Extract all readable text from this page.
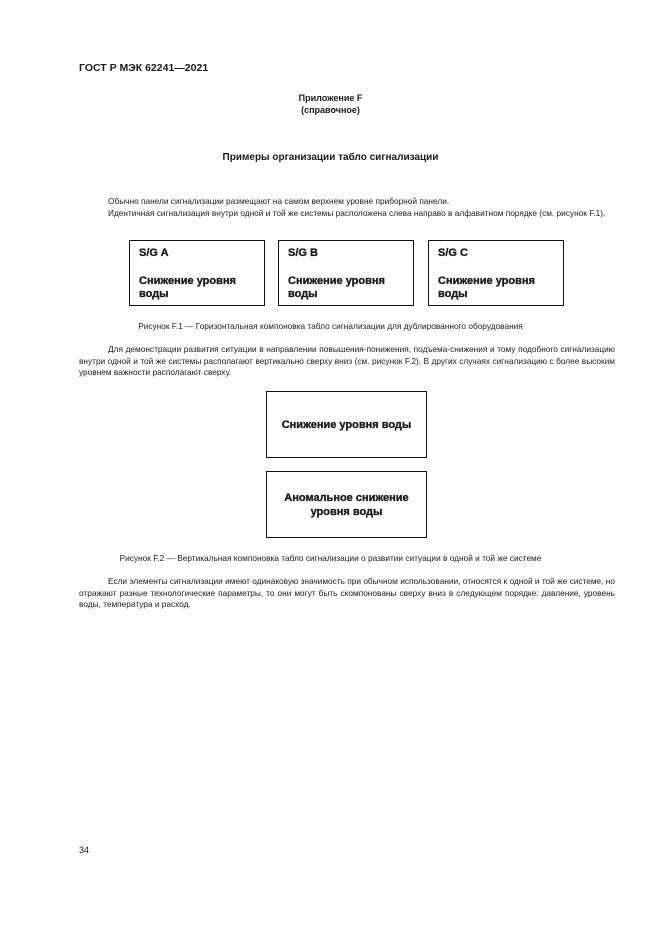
ГОСТ Р МЭК 62241—2021
Приложение F
(справочное)
Примеры организации табло сигнализации

Обычно панели сигнализации размещают на самом верхнем уровне приборной панели.

Идентичная сигнализация внутри одной и той же системы расположена слева направо в алфавитном порядке (см. рисунок F.1).

S/G A
Снижение уровня воды
S/G B
Снижение уровня воды
S/G C
Снижение уровня воды
Рисунок F.1 — Горизонтальная компоновка табло сигнализации для дублированного оборудования

Для демонстрации развития ситуации в направлении повышения-понижения, подъема-снижения и тому подобного сигнализацию внутри одной и той же системы располагают вертикально сверху вниз (см. рисунок F.2). В других случаях сигнализацию с более высоким уровнем важности располагают сверху.

Снижение уровня воды
Аномальное снижение уровня воды
Рисунок F.2 — Вертикальная компоновка табло сигнализации о развитии ситуации в одной и той же системе

Если элементы сигнализации имеют одинаковую значимость при обычном использовании, относятся к одной и той же системе, но отражают разные технологические параметры, то они могут быть скомпонованы сверху вниз в следующем порядке: давление, уровень воды, температура и расход.

34
